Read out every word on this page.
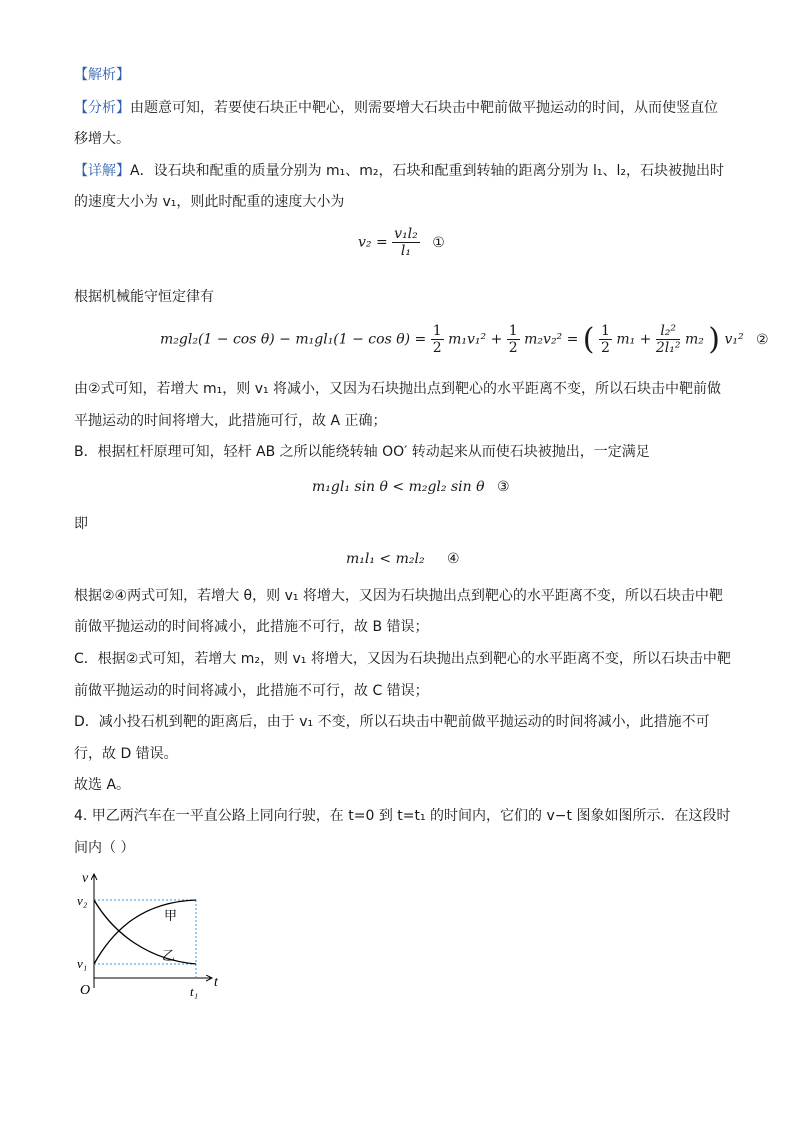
【解析】
【分析】由题意可知，若要使石块正中靶心，则需要增大石块击中靶前做平抛运动的时间，从而使竖直位
移增大。
【详解】A．设石块和配重的质量分别为 m₁、m₂，石块和配重到转轴的距离分别为 l₁、l₂，石块被抛出时
的速度大小为 v₁，则此时配重的速度大小为
$v_2 = \frac{\text{v₁l₂}}{\text{l₁}}$ ①
根据机械能守恒定律有
$m_2gl_2(1 - \cos \theta) - m_1gl_1(1 - \cos \theta) = \frac{1}{2} m_1v_1^2 + \frac{1}{2} m_2v_2^2$ = ( $\frac{1}{2} m_1 + \frac{\text{l₂²}}{\text{2l₁²}} m_2$ ) v₁² ②
由②式可知，若增大 m₁，则 v₁ 将减小，又因为石块抛出点到靶心的水平距离不变，所以石块击中靶前做
平抛运动的时间将增大，此措施可行，故 A 正确；
B．根据杠杆原理可知，轻杆 AB 之所以能绕转轴 OO′ 转动起来从而使石块被抛出，一定满足
m₁gl₁ sin θ < m₂gl₂ sin θ ③
即
m₁l₁ < m₂l₂ ④
根据②④两式可知，若增大 θ，则 v₁ 将增大，又因为石块抛出点到靶心的水平距离不变，所以石块击中靶
前做平抛运动的时间将减小，此措施不可行，故 B 错误；
C．根据②式可知，若增大 m₂，则 v₁ 将增大，又因为石块抛出点到靶心的水平距离不变，所以石块击中靶
前做平抛运动的时间将减小，此措施不可行，故 C 错误；
D．减小投石机到靶的距离后，由于 v₁ 不变，所以石块击中靶前做平抛运动的时间将减小，此措施不可
行，故 D 错误。
故选 A。
4. 甲乙两汽车在一平直公路上同向行驶，在 t=0 到 t=t₁ 的时间内，它们的 v−t 图象如图所示．在这段时
间内（ ）
v
t
O
v₂
v₁
t₁
甲
乙
